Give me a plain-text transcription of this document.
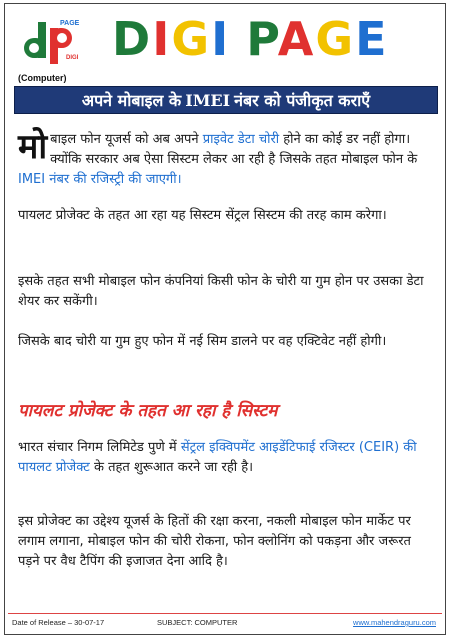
PAGE
DIGI DIGI PAGE
(Computer)
अपने मोबाइल के IMEI नंबर को पंजीकृत कराएँ

मोबाइल फोन यूजर्स को अब अपने प्राइवेट डेटा चोरी होने का कोई डर नहीं होगा। क्योंकि सरकार अब ऐसा सिस्टम लेकर आ रही है जिसके तहत मोबाइल फोन के IMEI नंबर की रजिस्ट्री की जाएगी।

पायलट प्रोजेक्ट के तहत आ रहा यह सिस्टम सेंट्रल सिस्टम की तरह काम करेगा।

इसके तहत सभी मोबाइल फोन कंपनियां किसी फोन के चोरी या गुम होन पर उसका डेटा शेयर कर सकेंगी।

जिसके बाद चोरी या गुम हुए फोन में नई सिम डालने पर वह एक्टिवेट नहीं होगी।

पायलट प्रोजेक्ट के तहत आ रहा है सिस्टम

भारत संचार निगम लिमिटेड पुणे में सेंट्रल इक्विपमेंट आइडेंटिफाई रजिस्टर (CEIR) की पायलट प्रोजेक्ट के तहत शुरूआत करने जा रही है।

इस प्रोजेक्ट का उद्देश्य यूजर्स के हितों की रक्षा करना, नकली मोबाइल फोन मार्केट पर लगाम लगाना, मोबाइल फोन की चोरी रोकना, फोन क्लोनिंग को पकड़ना और जरूरत पड़ने पर वैध टैपिंग की इजाजत देना आदि है।

Date of Release – 30-07-17	SUBJECT: COMPUTER	www.mahendraguru.com
